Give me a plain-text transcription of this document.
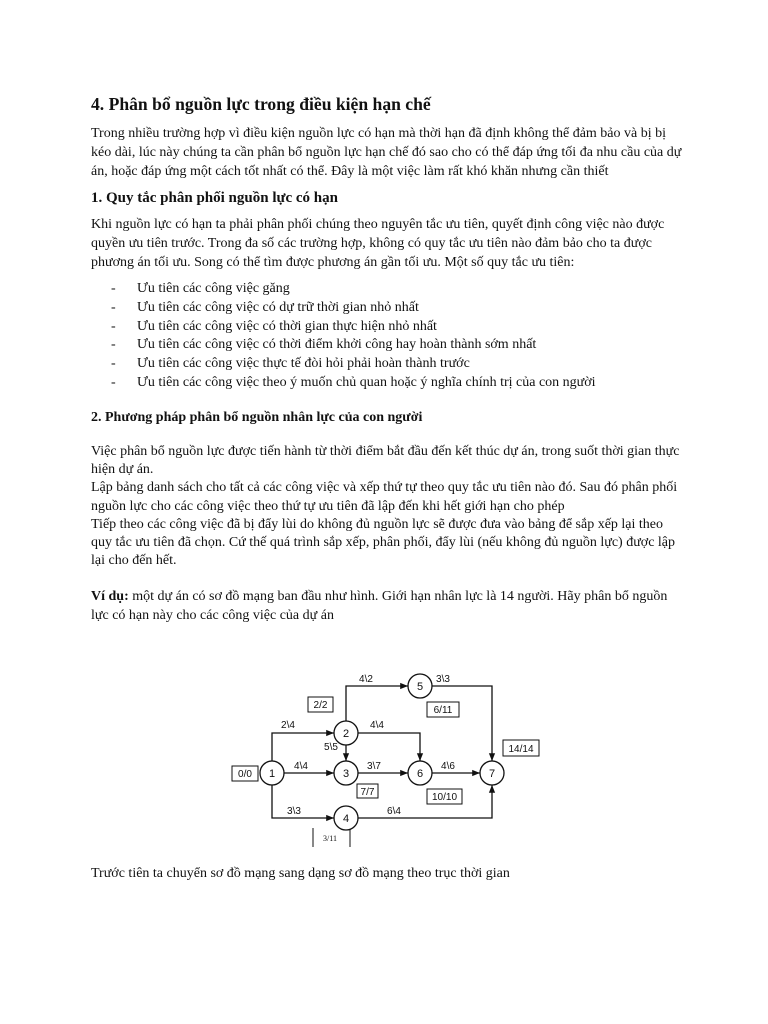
4. Phân bổ nguồn lực trong điều kiện hạn chế

Trong nhiều trường hợp vì điều kiện nguồn lực có hạn mà thời hạn đã định không thể đảm bảo và bị bị
kéo dài, lúc này chúng ta cần phân bổ nguồn lực hạn chế đó sao cho có thể đáp ứng tối đa nhu cầu của dự
án, hoặc đáp ứng một cách tốt nhất có thể. Đây là một việc làm rất khó khăn nhưng cần thiết

1. Quy tắc phân phối nguồn lực có hạn

Khi nguồn lực có hạn ta phải phân phối chúng theo nguyên tắc ưu tiên, quyết định công việc nào được
quyền ưu tiên trước. Trong đa số các trường hợp, không có quy tắc ưu tiên nào đảm bảo cho ta được
phương án tối ưu. Song có thể tìm được phương án gần tối ưu. Một số quy tắc ưu tiên:

- Ưu tiên các công việc găng
- Ưu tiên các công việc có dự trữ thời gian nhỏ nhất
- Ưu tiên các công việc có thời gian thực hiện nhỏ nhất
- Ưu tiên các công việc có thời điểm khởi công hay hoàn thành sớm nhất
- Ưu tiên các công việc thực tế đòi hỏi phải hoàn thành trước
- Ưu tiên các công việc theo ý muốn chủ quan hoặc ý nghĩa chính trị của con người
2. Phương pháp phân bổ nguồn nhân lực của con người

Việc phân bổ nguồn lực được tiến hành từ thời điểm bắt đầu đến kết thúc dự án, trong suốt thời gian thực
hiện dự án.
Lập bảng danh sách cho tất cả các công việc và xếp thứ tự theo quy tắc ưu tiên nào đó. Sau đó phân phối
nguồn lực cho các công việc theo thứ tự ưu tiên đã lập đến khi hết giới hạn cho phép
Tiếp theo các công việc đã bị đẩy lùi do không đủ nguồn lực sẽ được đưa vào bảng để sắp xếp lại theo
quy tắc ưu tiên đã chọn. Cứ thế quá trình sắp xếp, phân phối, đẩy lùi (nếu không đủ nguồn lực) được lập
lại cho đến hết.

Ví dụ: một dự án có sơ đồ mạng ban đầu như hình. Giới hạn nhân lực là 14 người. Hãy phân bổ nguồn
lực có hạn này cho các công việc của dự án

4\2	3\3
2\4	4\4
5\5
4\4	3\7	4\6
3\3	6\4
0/0
2/2	6/11
14/14
7/7	10/10
3/11
1
2
3
4
5
6	7

Trước tiên ta chuyển sơ đồ mạng sang dạng sơ đồ mạng theo trục thời gian
